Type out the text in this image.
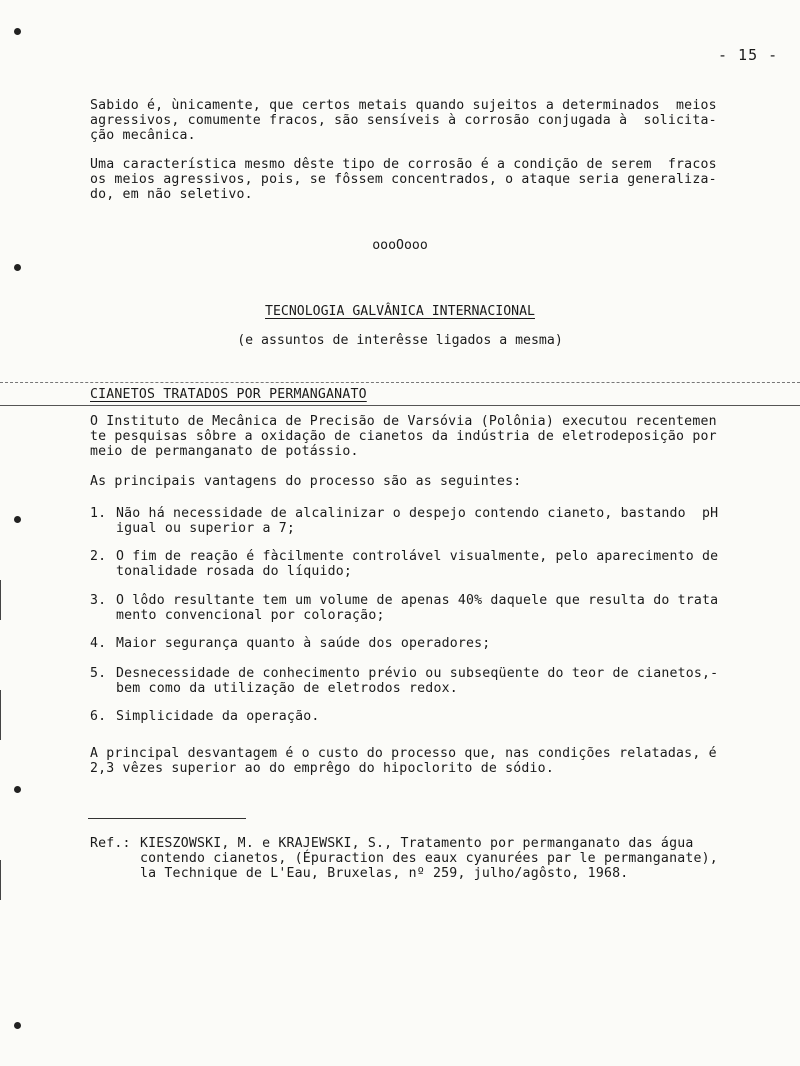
- 15 -
Sabido é, ùnicamente, que certos metais quando sujeitos a determinados  meios
agressivos, comumente fracos, são sensíveis à corrosão conjugada à  solicita-
ção mecânica.
Uma característica mesmo dêste tipo de corrosão é a condição de serem  fracos
os meios agressivos, pois, se fôssem concentrados, o ataque seria generaliza-
do, em não seletivo.
oooOooo
TECNOLOGIA GALVÂNICA INTERNACIONAL
(e assuntos de interêsse ligados a mesma)
CIANETOS TRATADOS POR PERMANGANATO
O Instituto de Mecânica de Precisão de Varsóvia (Polônia) executou recentemen
te pesquisas sôbre a oxidação de cianetos da indústria de eletrodeposição por
meio de permanganato de potássio.
As principais vantagens do processo são as seguintes:
1. Não há necessidade de alcalinizar o despejo contendo cianeto, bastando  pH
igual ou superior a 7;
2. O fim de reação é fàcilmente controlável visualmente, pelo aparecimento de
tonalidade rosada do líquido;
3. O lôdo resultante tem um volume de apenas 40% daquele que resulta do trata
mento convencional por coloração;
4. Maior segurança quanto à saúde dos operadores;
5. Desnecessidade de conhecimento prévio ou subseqüente do teor de cianetos,-
bem como da utilização de eletrodos redox.
6. Simplicidade da operação.
A principal desvantagem é o custo do processo que, nas condições relatadas, é
2,3 vêzes superior ao do emprêgo do hipoclorito de sódio.
Ref.: KIESZOWSKI, M. e KRAJEWSKI, S., Tratamento por permanganato das água
contendo cianetos, (Épuraction des eaux cyanurées par le permanganate),
la Technique de L'Eau, Bruxelas, nº 259, julho/agôsto, 1968.
